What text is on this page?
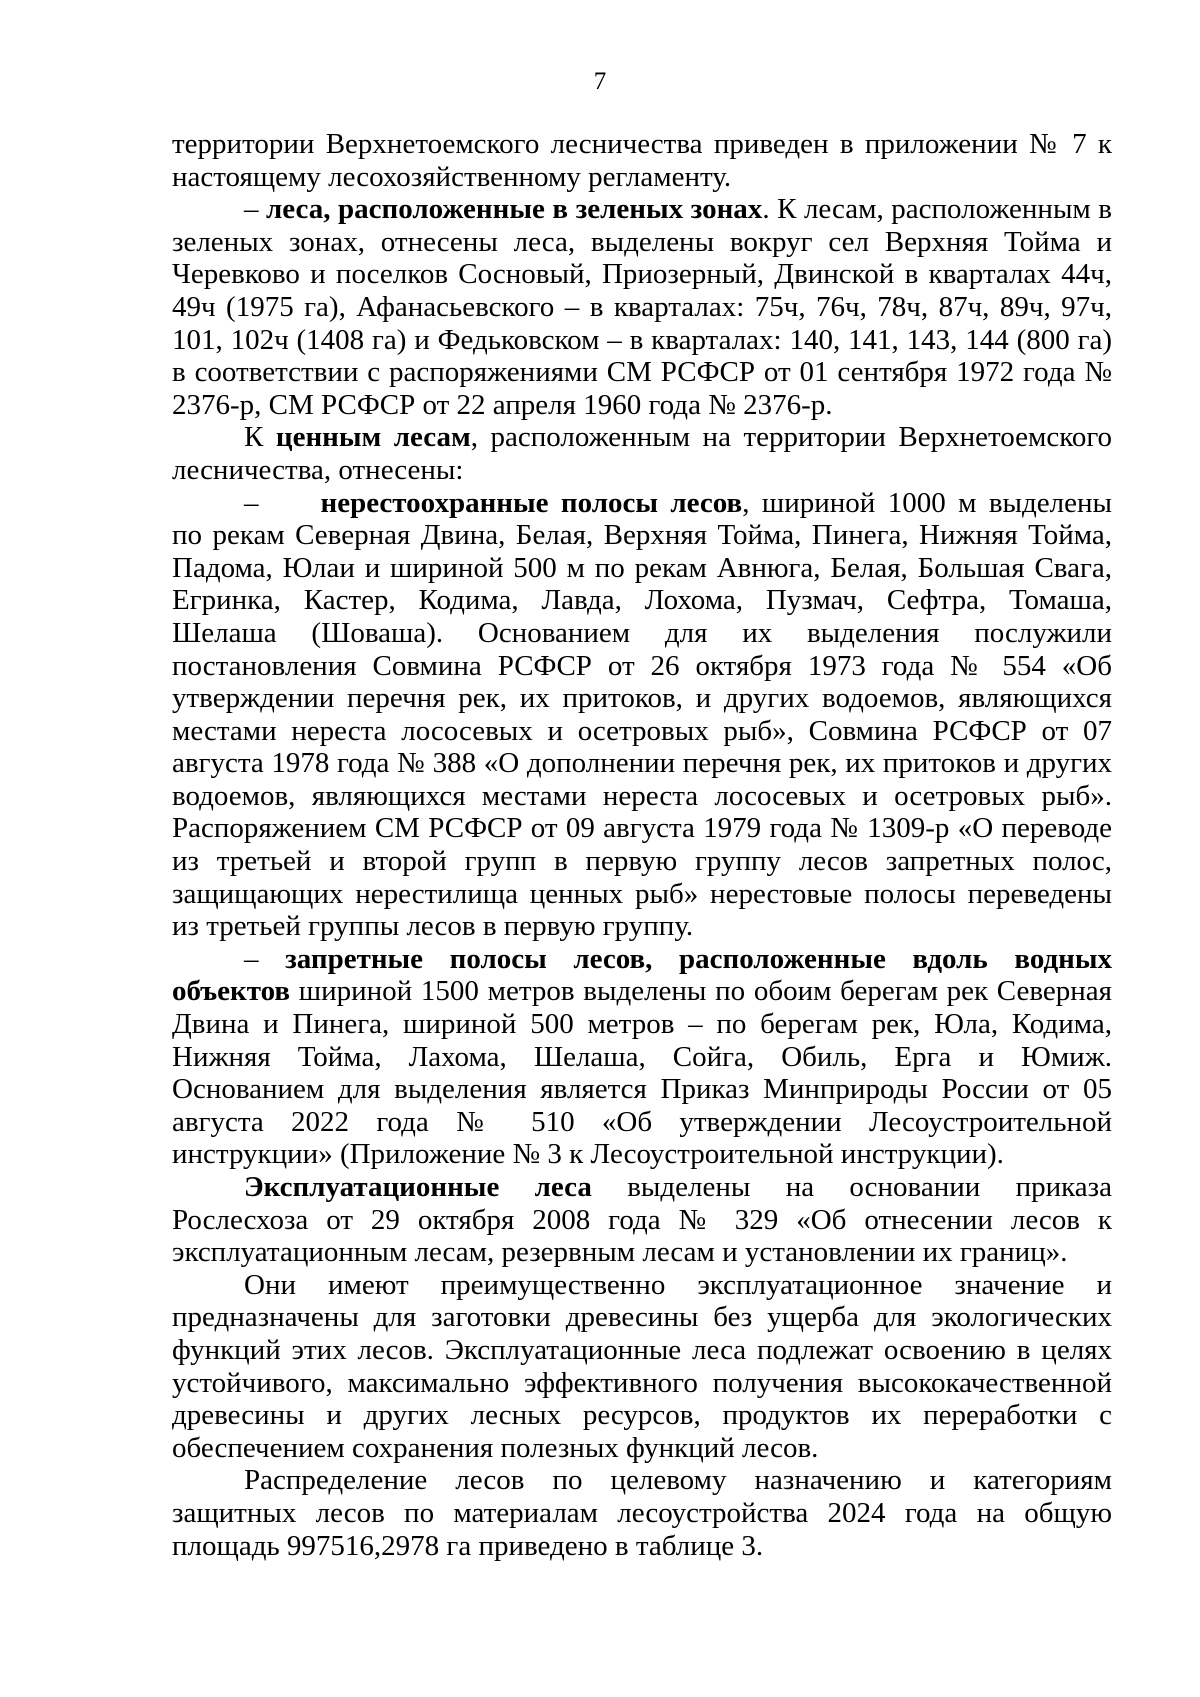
7

территории Верхнетоемского лесничества приведен в приложении № 7 к настоящему лесохозяйственному регламенту.

– леса, расположенные в зеленых зонах. К лесам, расположенным в зеленых зонах, отнесены леса, выделены вокруг сел Верхняя Тойма и Черевково и поселков Сосновый, Приозерный, Двинской в кварталах 44ч, 49ч (1975 га), Афанасьевского – в кварталах: 75ч, 76ч, 78ч, 87ч, 89ч, 97ч, 101, 102ч (1408 га) и Федьковском – в кварталах: 140, 141, 143, 144 (800 га) в соответствии с распоряжениями СМ РСФСР от 01 сентября 1972 года № 2376-р, СМ РСФСР от 22 апреля 1960 года № 2376-р.

К ценным лесам, расположенным на территории Верхнетоемского лесничества, отнесены:

– нерестоохранные полосы лесов, шириной 1000 м выделены по рекам Северная Двина, Белая, Верхняя Тойма, Пинега, Нижняя Тойма, Падома, Юлаи и шириной 500 м по рекам Авнюга, Белая, Большая Свага, Егринка, Кастер, Кодима, Лавда, Лохома, Пузмач, Сефтра, Томаша, Шелаша (Шоваша). Основанием для их выделения послужили постановления Совмина РСФСР от 26 октября 1973 года № 554 «Об утверждении перечня рек, их притоков, и других водоемов, являющихся местами нереста лососевых и осетровых рыб», Совмина РСФСР от 07 августа 1978 года № 388 «О дополнении перечня рек, их притоков и других водоемов, являющихся местами нереста лососевых и осетровых рыб». Распоряжением СМ РСФСР от 09 августа 1979 года № 1309-р «О переводе из третьей и второй групп в первую группу лесов запретных полос, защищающих нерестилища ценных рыб» нерестовые полосы переведены из третьей группы лесов в первую группу.

– запретные полосы лесов, расположенные вдоль водных объектов шириной 1500 метров выделены по обоим берегам рек Северная Двина и Пинега, шириной 500 метров – по берегам рек, Юла, Кодима, Нижняя Тойма, Лахома, Шелаша, Сойга, Обиль, Ерга и Юмиж. Основанием для выделения является Приказ Минприроды России от 05 августа 2022 года № 510 «Об утверждении Лесоустроительной инструкции» (Приложение № 3 к Лесоустроительной инструкции).

Эксплуатационные леса выделены на основании приказа Рослесхоза от 29 октября 2008 года № 329 «Об отнесении лесов к эксплуатационным лесам, резервным лесам и установлении их границ».

Они имеют преимущественно эксплуатационное значение и предназначены для заготовки древесины без ущерба для экологических функций этих лесов. Эксплуатационные леса подлежат освоению в целях устойчивого, максимально эффективного получения высококачественной древесины и других лесных ресурсов, продуктов их переработки с обеспечением сохранения полезных функций лесов.

Распределение лесов по целевому назначению и категориям защитных лесов по материалам лесоустройства 2024 года на общую площадь 997516,2978 га приведено в таблице 3.
